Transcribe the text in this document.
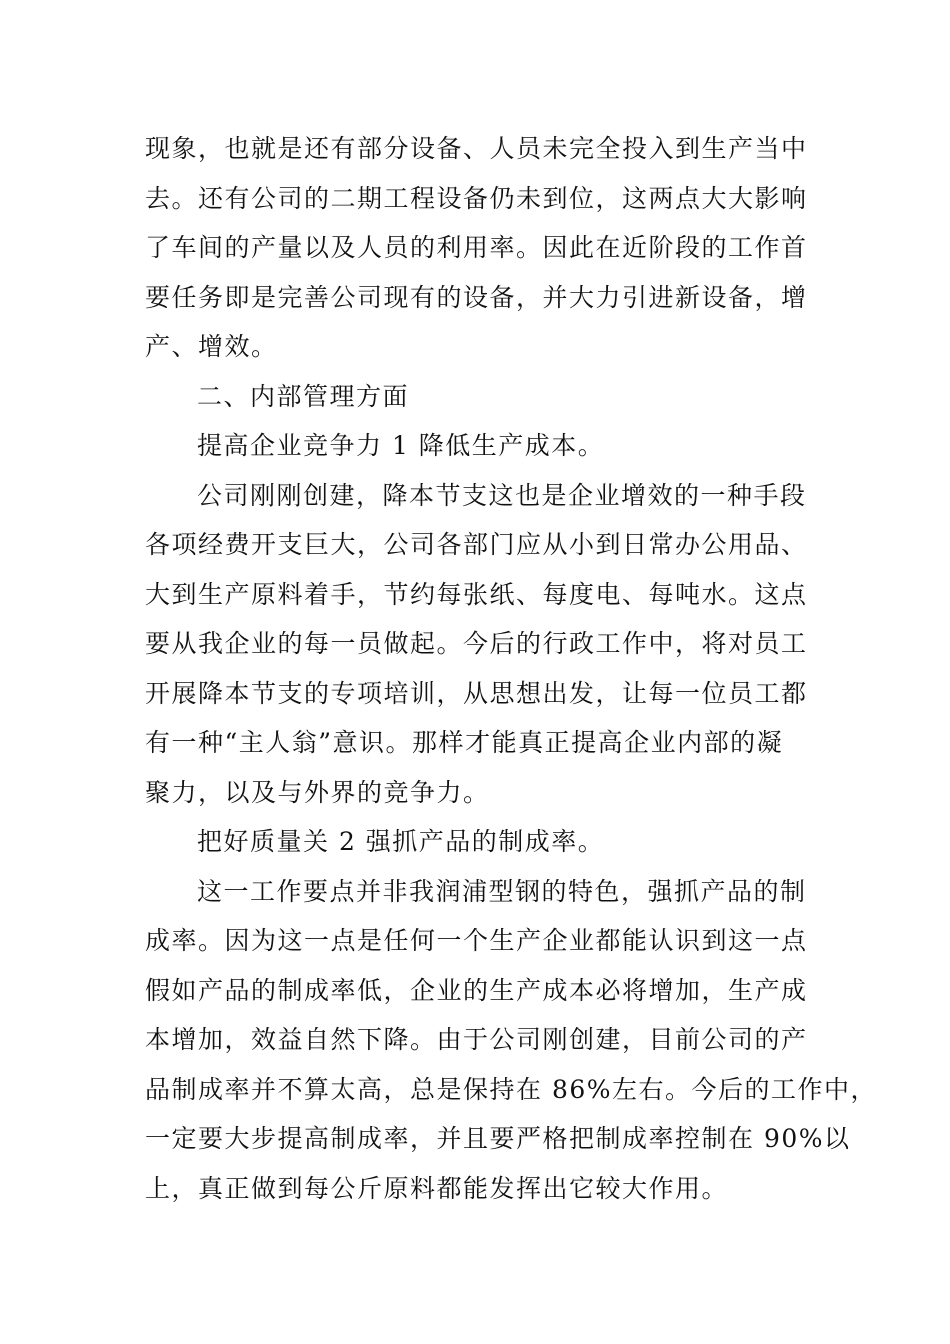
现象，也就是还有部分设备、人员未完全投入到生产当中
去。还有公司的二期工程设备仍未到位，这两点大大影响
了车间的产量以及人员的利用率。因此在近阶段的工作首
要任务即是完善公司现有的设备，并大力引进新设备，增
产、增效。
二、内部管理方面
提高企业竞争力 1 降低生产成本。
公司刚刚创建，降本节支这也是企业增效的一种手段
各项经费开支巨大，公司各部门应从小到日常办公用品、
大到生产原料着手，节约每张纸、每度电、每吨水。这点
要从我企业的每一员做起。今后的行政工作中，将对员工
开展降本节支的专项培训，从思想出发，让每一位员工都
有一种“主人翁”意识。那样才能真正提高企业内部的凝
聚力，以及与外界的竞争力。
把好质量关 2 强抓产品的制成率。
这一工作要点并非我润浦型钢的特色，强抓产品的制
成率。因为这一点是任何一个生产企业都能认识到这一点
假如产品的制成率低，企业的生产成本必将增加，生产成
本增加，效益自然下降。由于公司刚创建，目前公司的产
品制成率并不算太高，总是保持在 86%左右。今后的工作中，
一定要大步提高制成率，并且要严格把制成率控制在 90%以
上，真正做到每公斤原料都能发挥出它较大作用。
